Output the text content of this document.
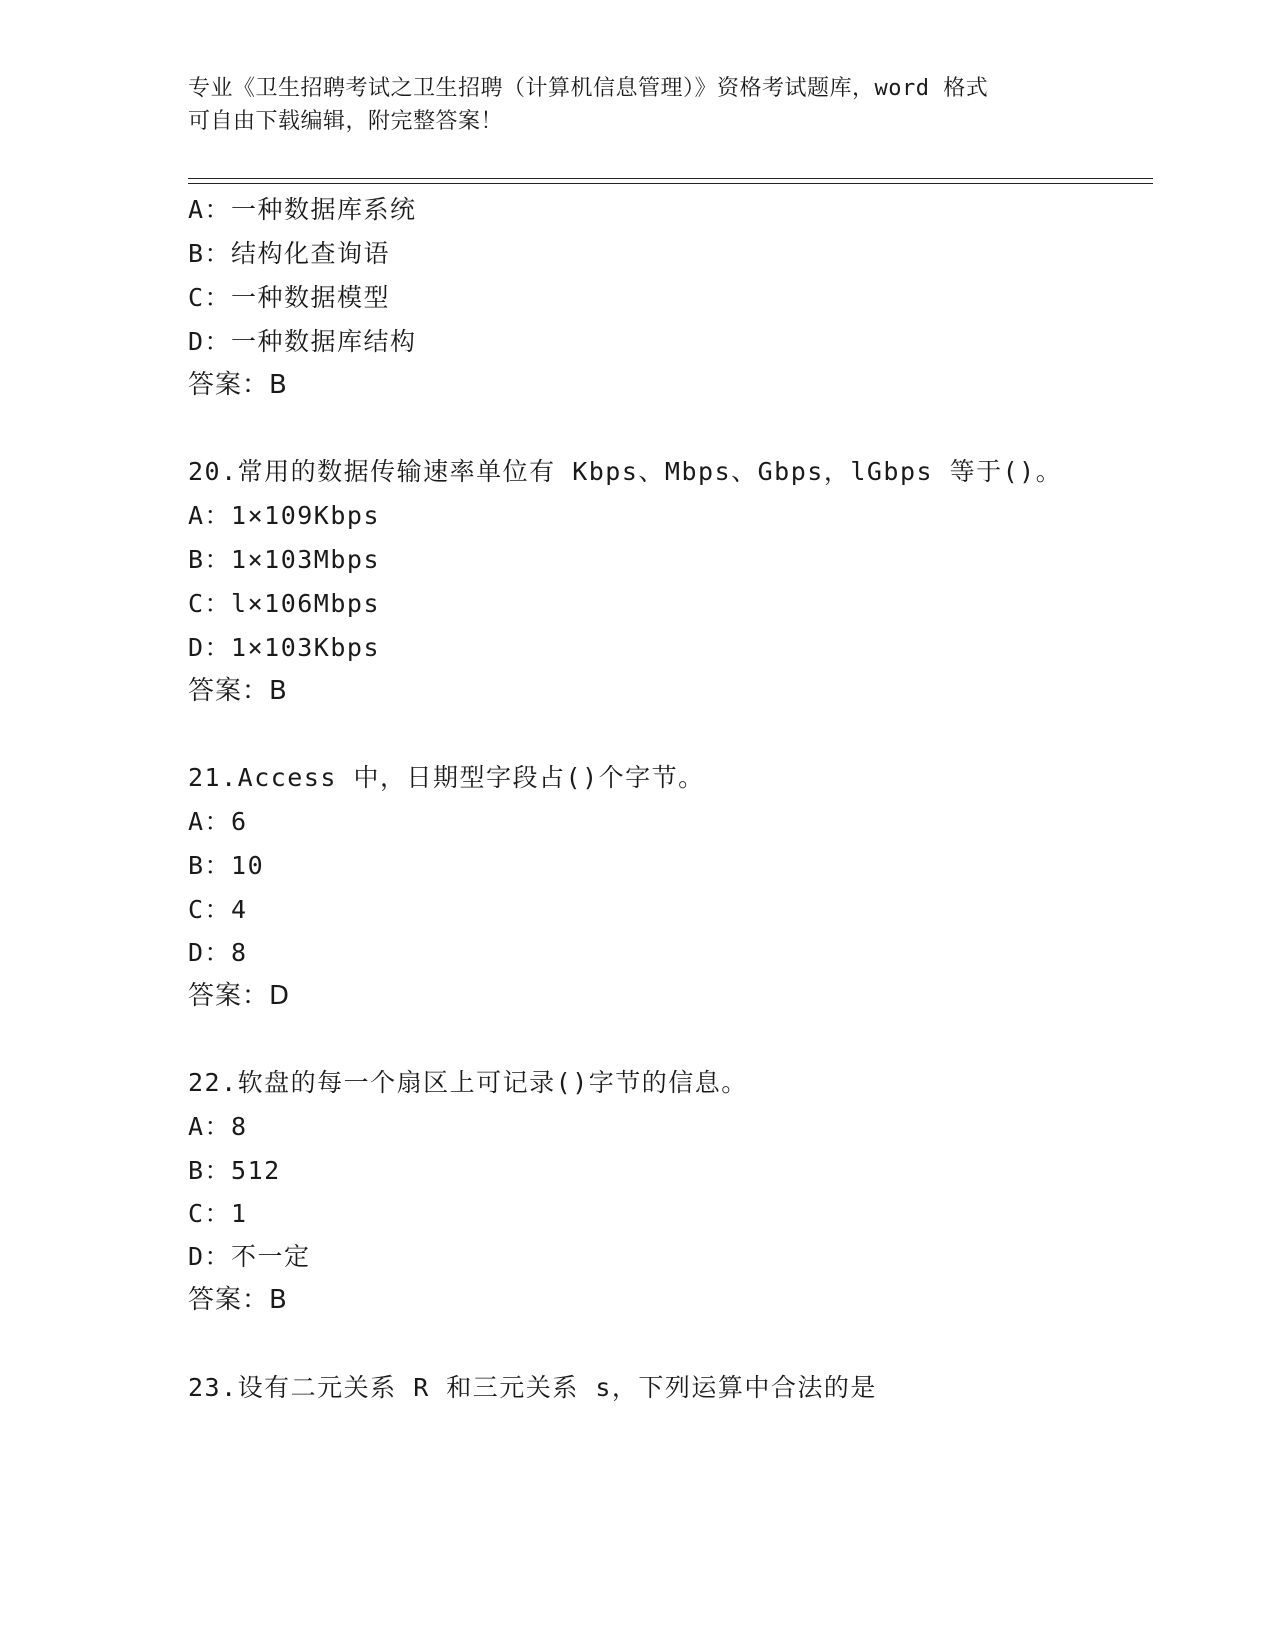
专业《卫生招聘考试之卫生招聘（计算机信息管理）》资格考试题库，word 格式
可自由下载编辑，附完整答案！
A：一种数据库系统
B：结构化查询语
C：一种数据模型
D：一种数据库结构
答案：B
20.常用的数据传输速率单位有 Kbps、Mbps、Gbps，lGbps 等于()。
A：1×109Kbps
B：1×103Mbps
C：l×106Mbps
D：1×103Kbps
答案：B
21.Access 中，日期型字段占()个字节。
A：6
B：10
C：4
D：8
答案：D
22.软盘的每一个扇区上可记录()字节的信息。
A：8
B：512
C：1
D：不一定
答案：B
23.设有二元关系 R 和三元关系 s，下列运算中合法的是
